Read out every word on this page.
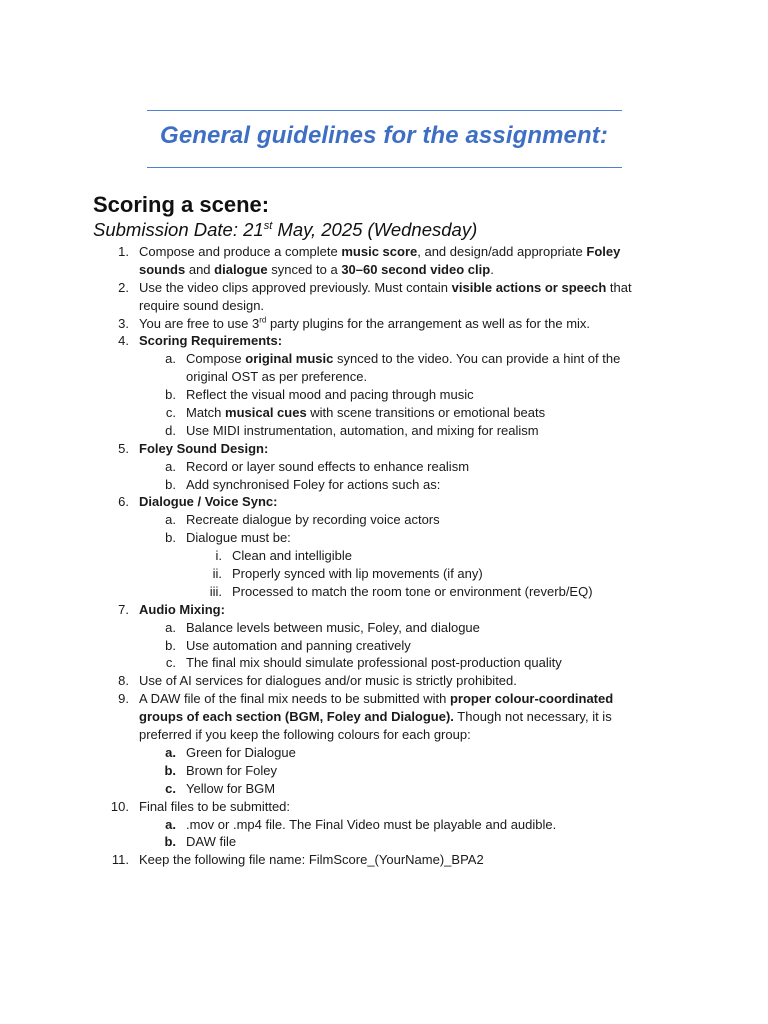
General guidelines for the assignment:
Scoring a scene:
Submission Date: 21st May, 2025 (Wednesday)
1. Compose and produce a complete music score, and design/add appropriate Foley
sounds and dialogue synced to a 30–60 second video clip.
2. Use the video clips approved previously. Must contain visible actions or speech that
require sound design.
3. You are free to use 3rd party plugins for the arrangement as well as for the mix.
4. Scoring Requirements:
a. Compose original music synced to the video. You can provide a hint of the
original OST as per preference.
b. Reflect the visual mood and pacing through music
c. Match musical cues with scene transitions or emotional beats
d. Use MIDI instrumentation, automation, and mixing for realism
5. Foley Sound Design:
a. Record or layer sound effects to enhance realism
b. Add synchronised Foley for actions such as:
6. Dialogue / Voice Sync:
a. Recreate dialogue by recording voice actors
b. Dialogue must be:
i. Clean and intelligible
ii. Properly synced with lip movements (if any)
iii. Processed to match the room tone or environment (reverb/EQ)
7. Audio Mixing:
a. Balance levels between music, Foley, and dialogue
b. Use automation and panning creatively
c. The final mix should simulate professional post-production quality
8. Use of AI services for dialogues and/or music is strictly prohibited.
9. A DAW file of the final mix needs to be submitted with proper colour-coordinated
groups of each section (BGM, Foley and Dialogue). Though not necessary, it is
preferred if you keep the following colours for each group:
a. Green for Dialogue
b. Brown for Foley
c. Yellow for BGM
10. Final files to be submitted:
a. .mov or .mp4 file. The Final Video must be playable and audible.
b. DAW file
11. Keep the following file name: FilmScore_(YourName)_BPA2
